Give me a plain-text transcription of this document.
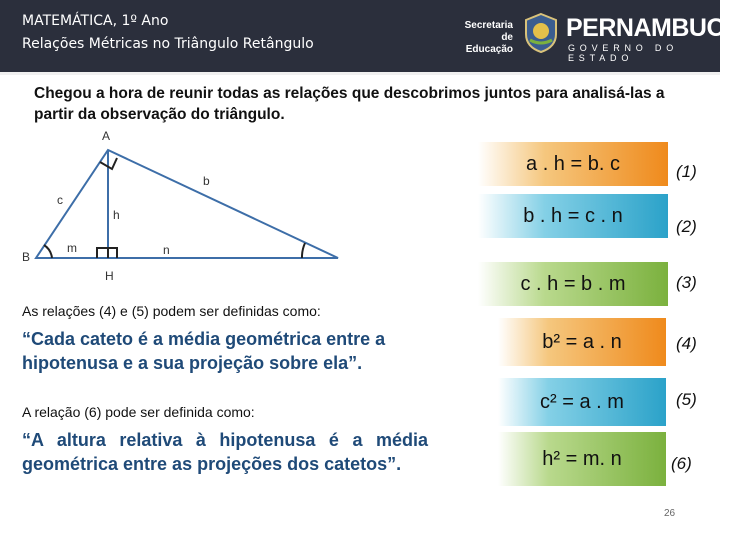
MATEMÁTICA, 1º Ano
Relações Métricas no Triângulo Retângulo
Secretaria de Educação
PERNAMBUCO
GOVERNO DO ESTADO
Chegou a hora de reunir todas as relações que descobrimos juntos para analisá-las a partir da observação do triângulo.
A
B
H
b
c
h
m	n
As relações (4) e (5) podem ser definidas como:
“Cada cateto é a média geométrica entre a hipotenusa e a sua projeção sobre ela”.
A relação (6) pode ser definida como:
“A altura relativa à hipotenusa é a média geométrica entre as projeções dos catetos”.
a . h = b. c	(1)
b . h = c . n	(2)
c . h = b . m	(3)
b² = a . n	(4)
c² = a . m	(5)
h² = m. n	(6)
26
